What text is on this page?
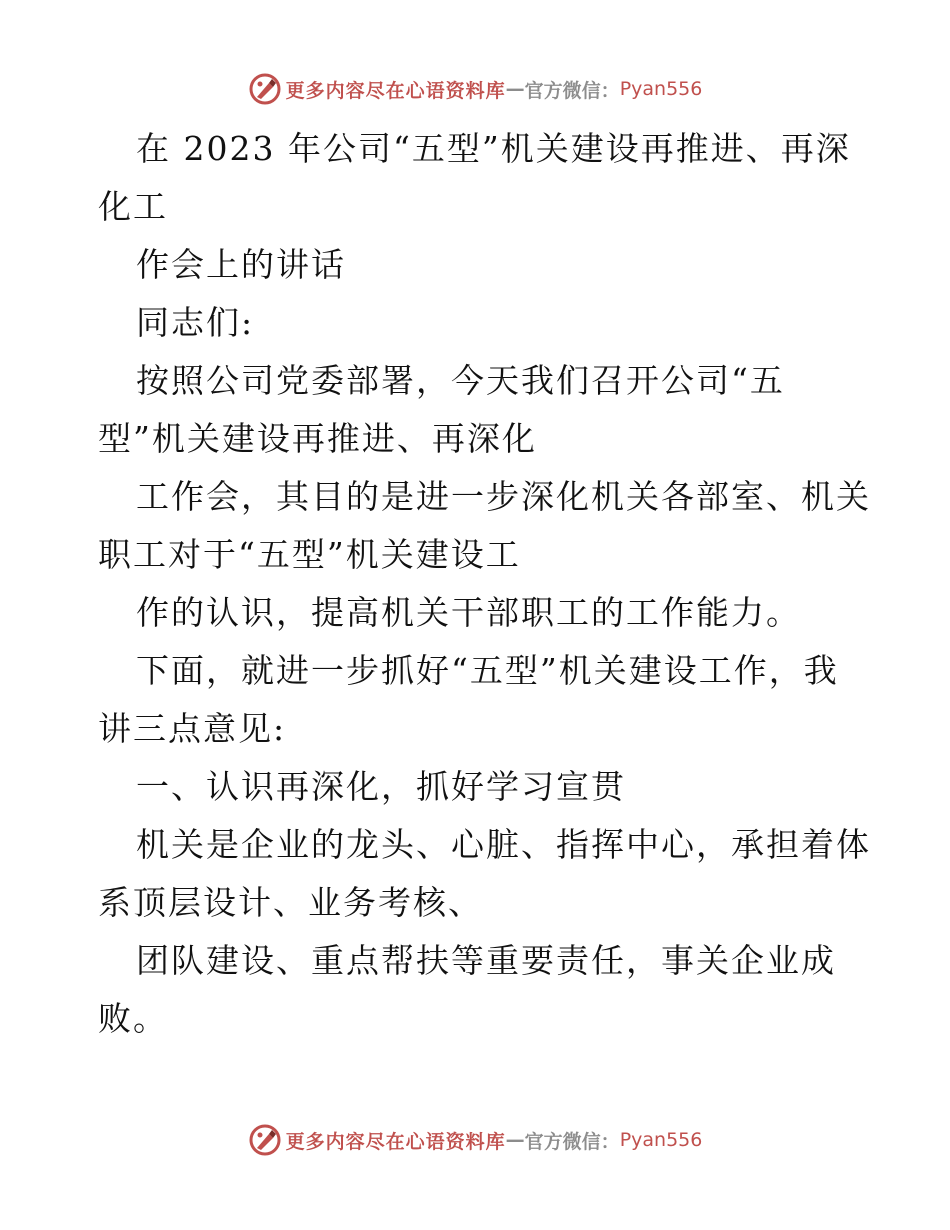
更多内容尽在心语资料库 — 官方微信： Pyan556

在 2023 年公司“五型”机关建设再推进、再深

化工

作会上的讲话

同志们:

按照公司党委部署，今天我们召开公司“五

型”机关建设再推进、再深化

工作会，其目的是进一步深化机关各部室、机关

职工对于“五型”机关建设工

作的认识，提高机关干部职工的工作能力。

下面，就进一步抓好“五型”机关建设工作，我

讲三点意见:

一、认识再深化，抓好学习宣贯

机关是企业的龙头、心脏、指挥中心，承担着体

系顶层设计、业务考核、

团队建设、重点帮扶等重要责任，事关企业成

败。

更多内容尽在心语资料库 — 官方微信： Pyan556
